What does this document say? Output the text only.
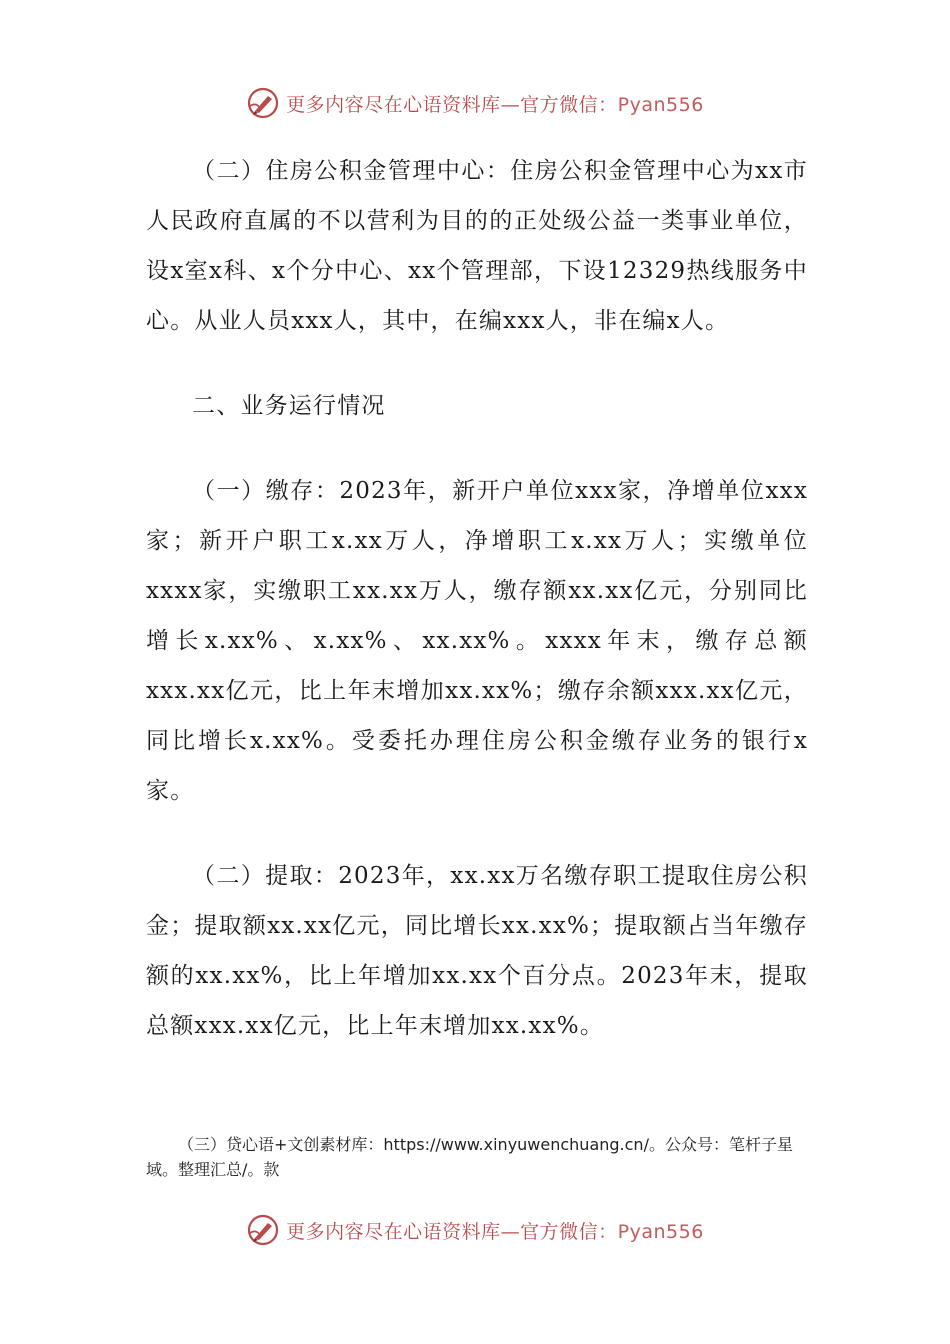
更多内容尽在心语资料库—官方微信：Pyan556

（二）住房公积金管理中心：住房公积金管理中心为xx市人民政府直属的不以营利为目的的正处级公益一类事业单位，设x室x科、x个分中心、xx个管理部，下设12329热线服务中心。从业人员xxx人，其中，在编xxx人，非在编x人。

二、业务运行情况

（一）缴存：2023年，新开户单位xxx家，净增单位xxx家；新开户职工x.xx万人，净增职工x.xx万人；实缴单位xxxx家，实缴职工xx.xx万人，缴存额xx.xx亿元，分别同比增长x.xx%、x.xx%、xx.xx%。xxxx年末，缴存总额xxx.xx亿元，比上年末增加xx.xx%；缴存余额xxx.xx亿元，同比增长x.xx%。受委托办理住房公积金缴存业务的银行x家。

（二）提取：2023年，xx.xx万名缴存职工提取住房公积金；提取额xx.xx亿元，同比增长xx.xx%；提取额占当年缴存额的xx.xx%，比上年增加xx.xx个百分点。2023年末，提取总额xxx.xx亿元，比上年末增加xx.xx%。

（三）贷心语+文创素材库：https://www.xinyuwenchuang.cn/。公众号：笔杆子星域。整理汇总/。款

更多内容尽在心语资料库—官方微信：Pyan556
